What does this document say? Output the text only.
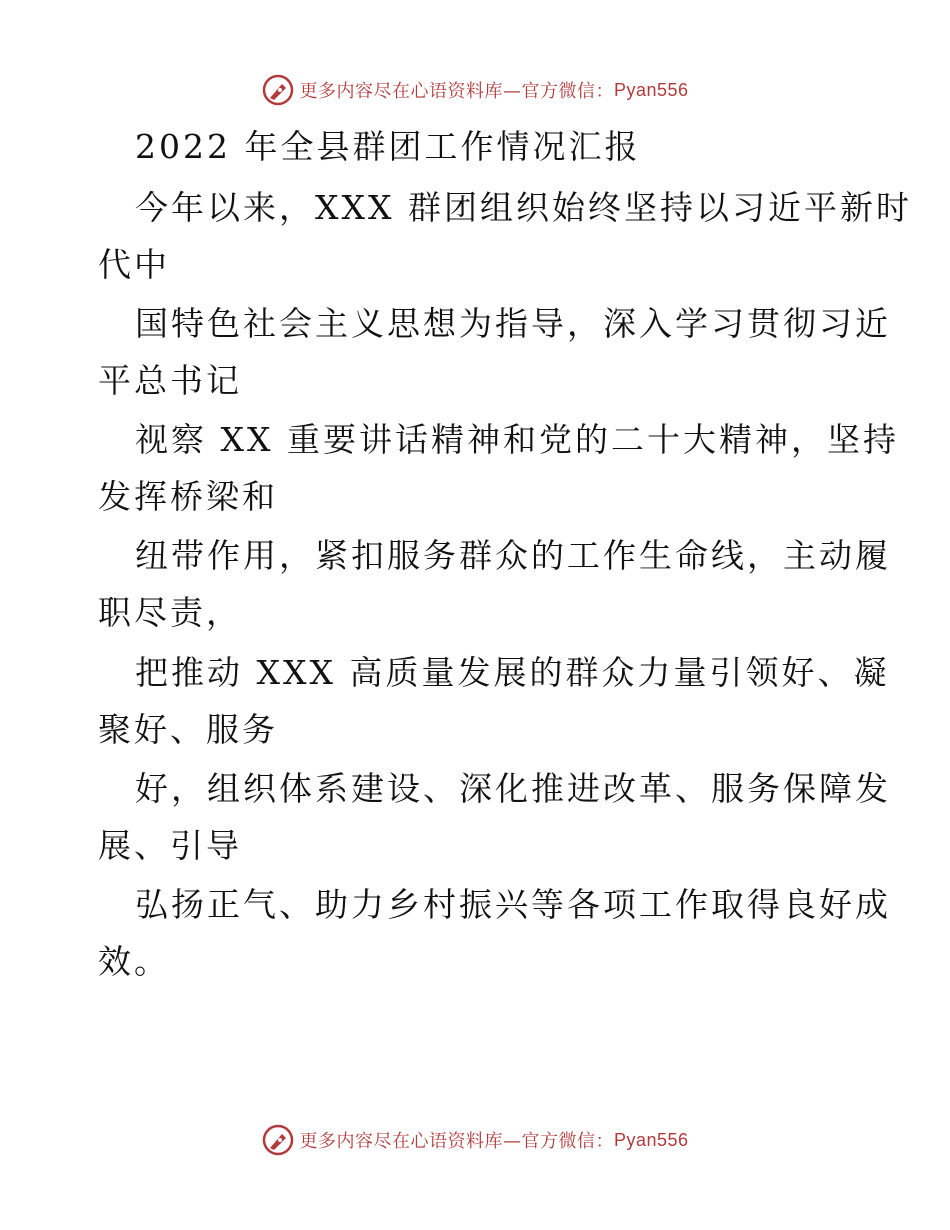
更多内容尽在心语资料库—官方微信： Pyan556
2022 年全县群团工作情况汇报
今年以来，XXX 群团组织始终坚持以习近平新时
代中
国特色社会主义思想为指导，深入学习贯彻习近
平总书记
视察 XX 重要讲话精神和党的二十大精神，坚持
发挥桥梁和
纽带作用，紧扣服务群众的工作生命线，主动履
职尽责，
把推动 XXX 高质量发展的群众力量引领好、凝
聚好、服务
好，组织体系建设、深化推进改革、服务保障发
展、引导
弘扬正气、助力乡村振兴等各项工作取得良好成
效。
更多内容尽在心语资料库—官方微信： Pyan556
